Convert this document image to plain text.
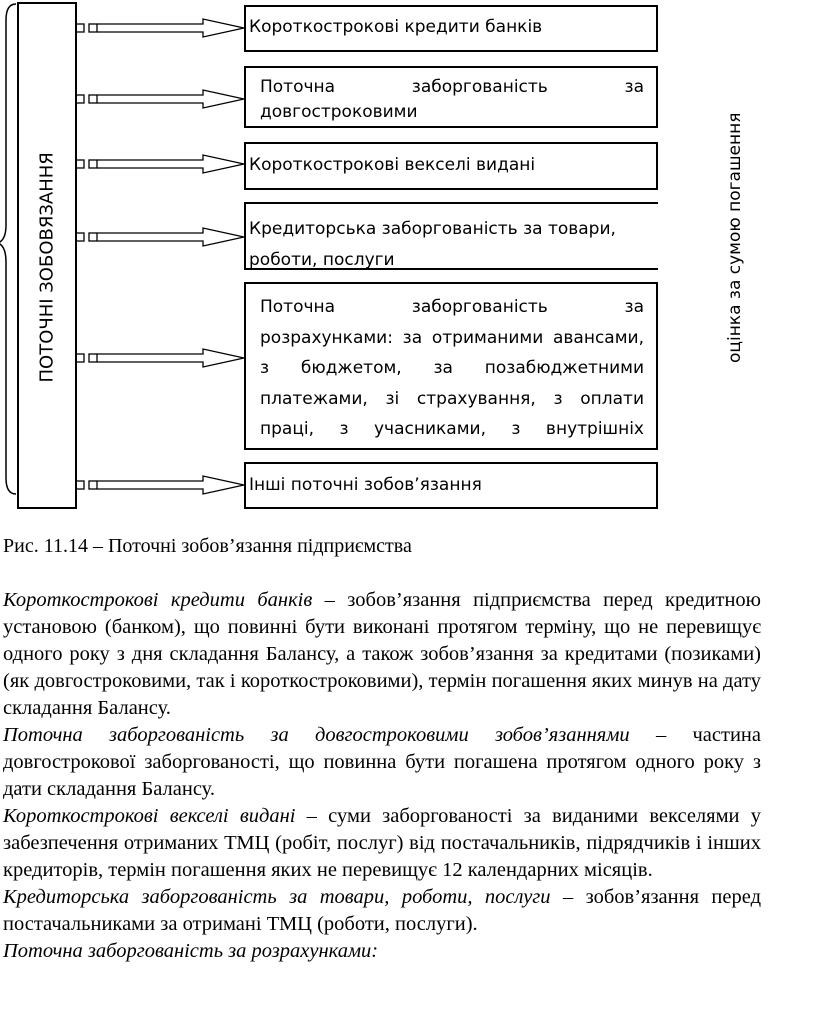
ПОТОЧНІ ЗОБОВЯЗАННЯ	оцінка за сумою погашення
Короткострокові кредити банків
Поточна заборгованість за
довгостроковими
Короткострокові векселі видані
Кредиторська заборгованість за товари,
роботи, послуги
Поточна заборгованість за
розрахунками: за отриманими авансами,
з бюджетом, за позабюджетними
платежами, зі страхування, з оплати
праці, з учасниками, з внутрішніх
Інші поточні зобов’язання
Рис. 11.14 – Поточні зобов’язання підприємства

Короткострокові кредити банків – зобов’язання підприємства перед кредитною установою (банком), що повинні бути виконані протягом терміну, що не перевищує одного року з дня складання Балансу, а також зобов’язання за кредитами (позиками) (як довгостроковими, так і короткостроковими), термін погашення яких минув на дату складання Балансу.

Поточна заборгованість за довгостроковими зобов’язаннями – частина довгострокової заборгованості, що повинна бути погашена протягом одного року з дати складання Балансу.

Короткострокові векселі видані – суми заборгованості за виданими векселями у забезпечення отриманих ТМЦ (робіт, послуг) від постачальників, підрядчиків і інших кредиторів, термін погашення яких не перевищує 12 календарних місяців.

Кредиторська заборгованість за товари, роботи, послуги – зобов’язання перед постачальниками за отримані ТМЦ (роботи, послуги).

Поточна заборгованість за розрахунками:
